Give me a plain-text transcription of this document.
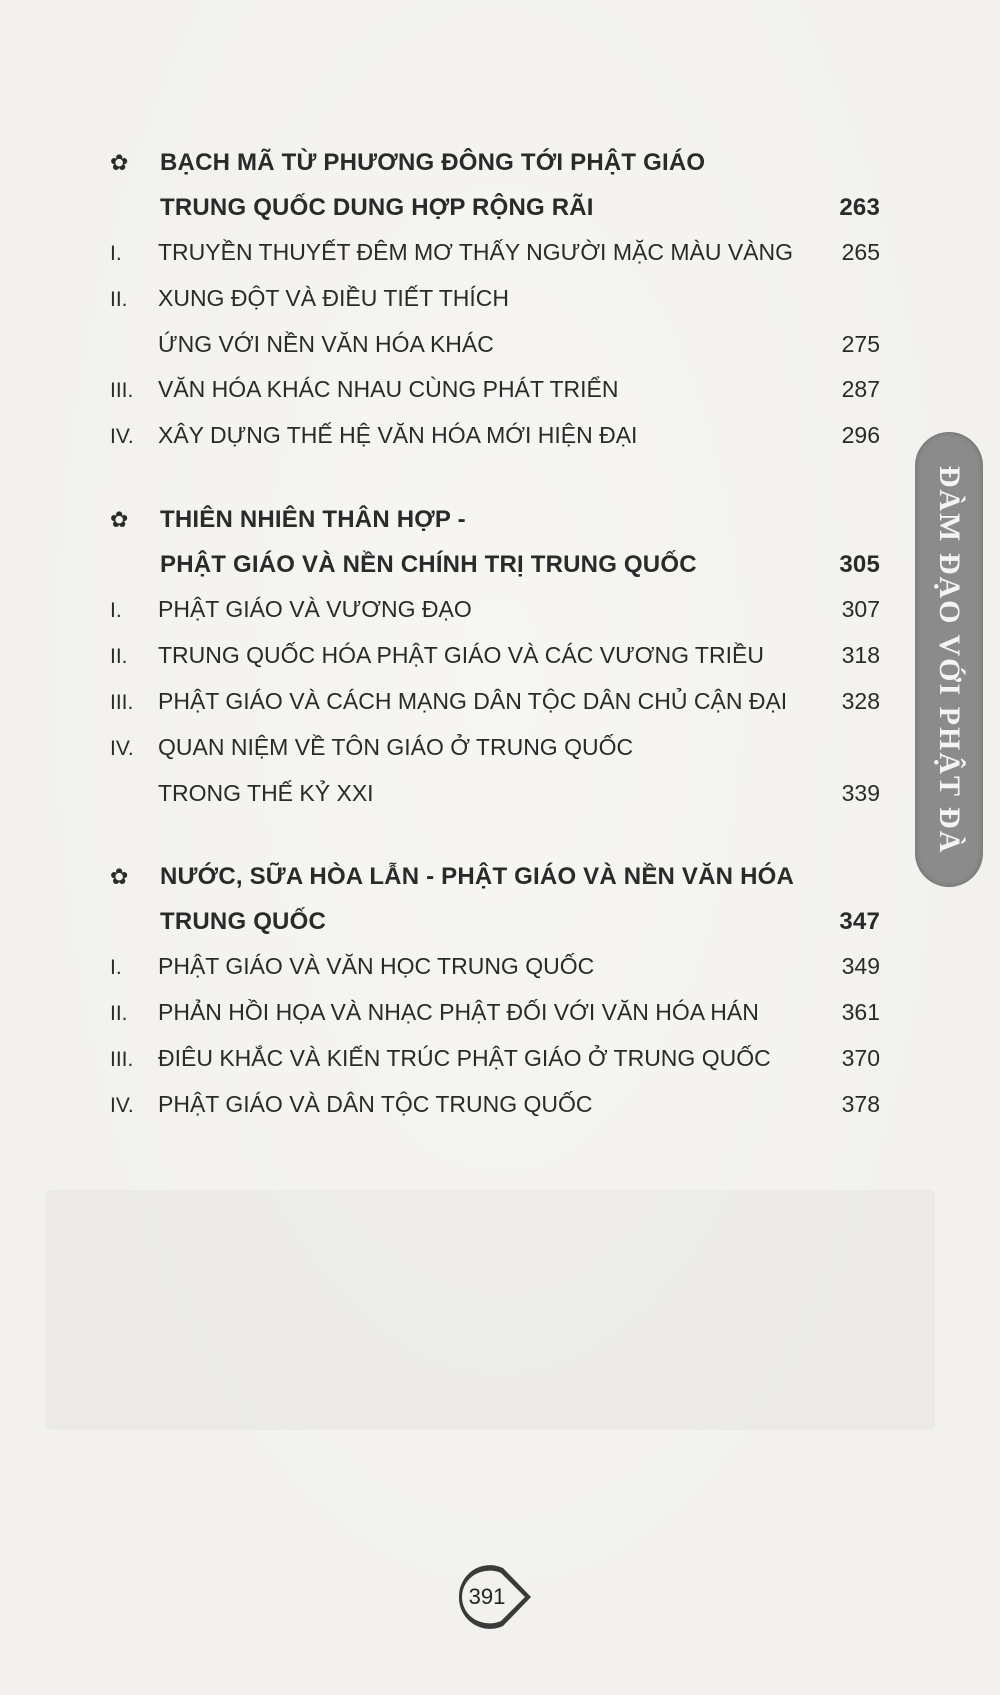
✿ BẠCH MÃ TỪ PHƯƠNG ĐÔNG TỚI PHẬT GIÁO
TRUNG QUỐC DUNG HỢP RỘNG RÃI	263
I. TRUYỀN THUYẾT ĐÊM MƠ THẤY NGƯỜI MẶC MÀU VÀNG	265
II. XUNG ĐỘT VÀ ĐIỀU TIẾT THÍCH
ỨNG VỚI NỀN VĂN HÓA KHÁC	275
III. VĂN HÓA KHÁC NHAU CÙNG PHÁT TRIỂN	287
IV. XÂY DỰNG THẾ HỆ VĂN HÓA MỚI HIỆN ĐẠI	296
✿ THIÊN NHIÊN THÂN HỢP -
PHẬT GIÁO VÀ NỀN CHÍNH TRỊ TRUNG QUỐC	305
I. PHẬT GIÁO VÀ VƯƠNG ĐẠO	307
II. TRUNG QUỐC HÓA PHẬT GIÁO VÀ CÁC VƯƠNG TRIỀU	318
III. PHẬT GIÁO VÀ CÁCH MẠNG DÂN TỘC DÂN CHỦ CẬN ĐẠI	328
IV. QUAN NIỆM VỀ TÔN GIÁO Ở TRUNG QUỐC
TRONG THẾ KỶ XXI	339
✿ NƯỚC, SỮA HÒA LẪN - PHẬT GIÁO VÀ NỀN VĂN HÓA
TRUNG QUỐC	347
I. PHẬT GIÁO VÀ VĂN HỌC TRUNG QUỐC	349
II. PHẢN HỒI HỌA VÀ NHẠC PHẬT ĐỐI VỚI VĂN HÓA HÁN	361
III. ĐIÊU KHẮC VÀ KIẾN TRÚC PHẬT GIÁO Ở TRUNG QUỐC	370
IV. PHẬT GIÁO VÀ DÂN TỘC TRUNG QUỐC	378
ĐÀM ĐẠO VỚI PHẬT ĐÀ
391
